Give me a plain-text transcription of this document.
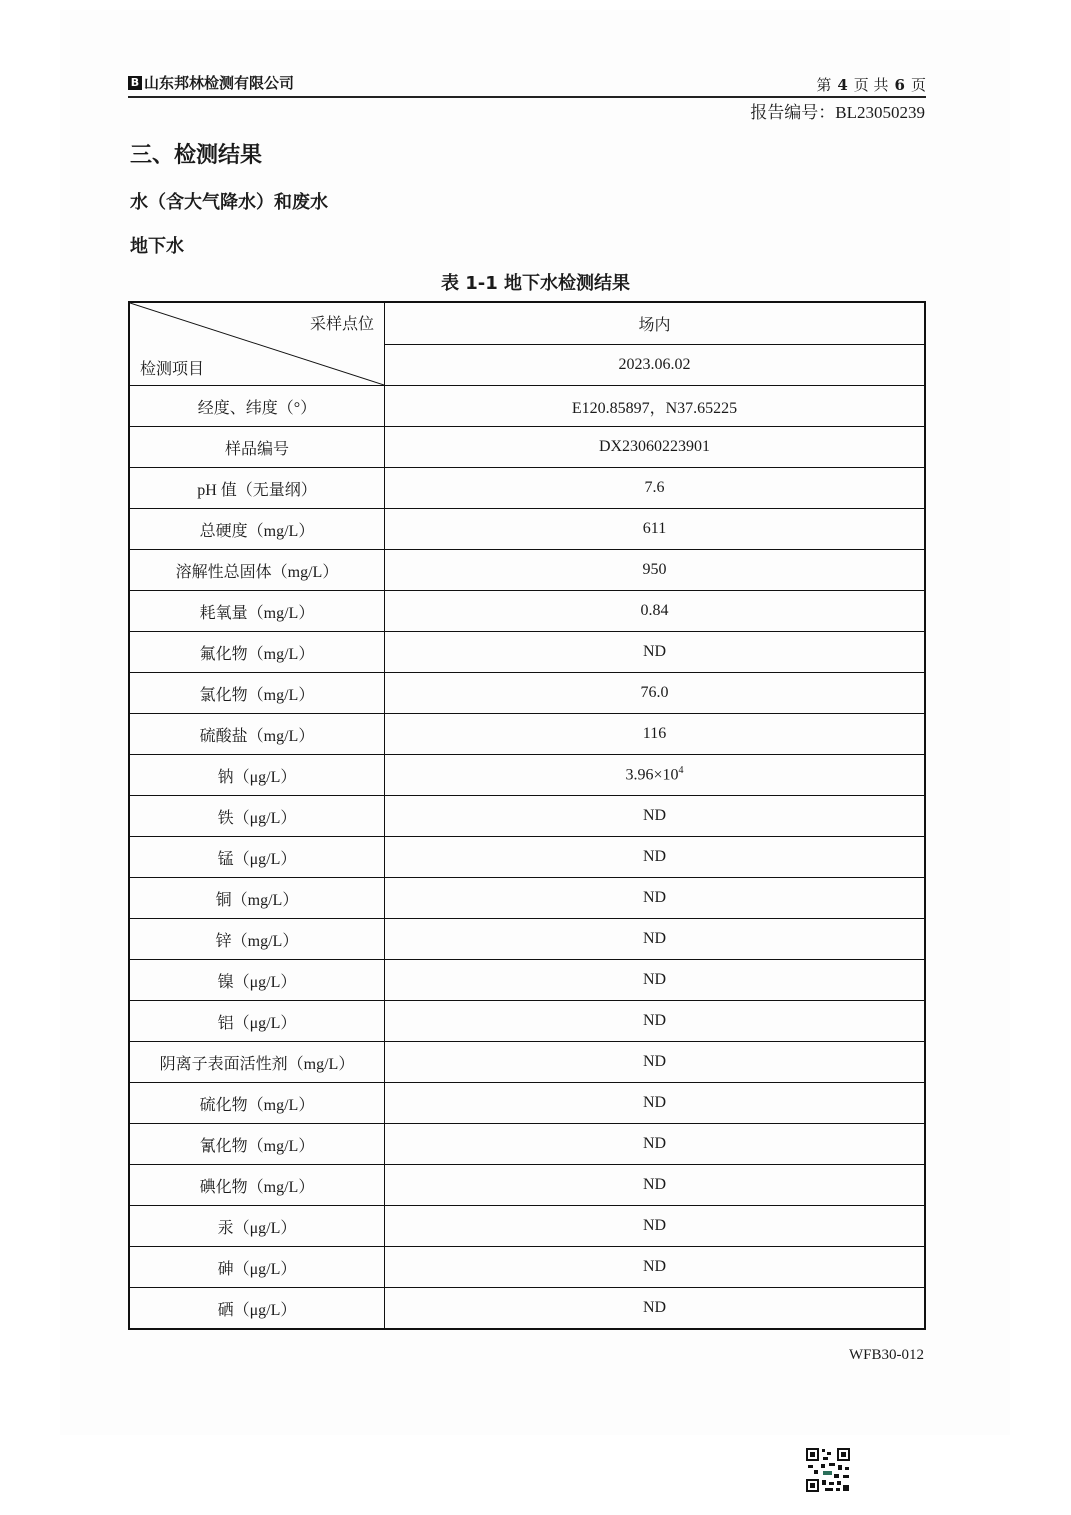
B 山东邦林检测有限公司	第 4 页 共 6 页
报告编号：BL23050239
三、检测结果
水（含大气降水）和废水
地下水
表 1-1 地下水检测结果
采样点位
检测项目	场内
	2023.06.02
经度、纬度（°）	E120.85897，N37.65225
样品编号	DX23060223901
pH 值（无量纲）	7.6
总硬度（mg/L）	611
溶解性总固体（mg/L）	950
耗氧量（mg/L）	0.84
氟化物（mg/L）	ND
氯化物（mg/L）	76.0
硫酸盐（mg/L）	116
钠（μg/L）	$3.96\times 10^4$
铁（μg/L）	ND
锰（μg/L）	ND
铜（mg/L）	ND
锌（mg/L）	ND
镍（μg/L）	ND
铝（μg/L）	ND
阴离子表面活性剂（mg/L）	ND
硫化物（mg/L）	ND
氰化物（mg/L）	ND
碘化物（mg/L）	ND
汞（μg/L）	ND
砷（μg/L）	ND
硒（μg/L）	ND
WFB30-012
